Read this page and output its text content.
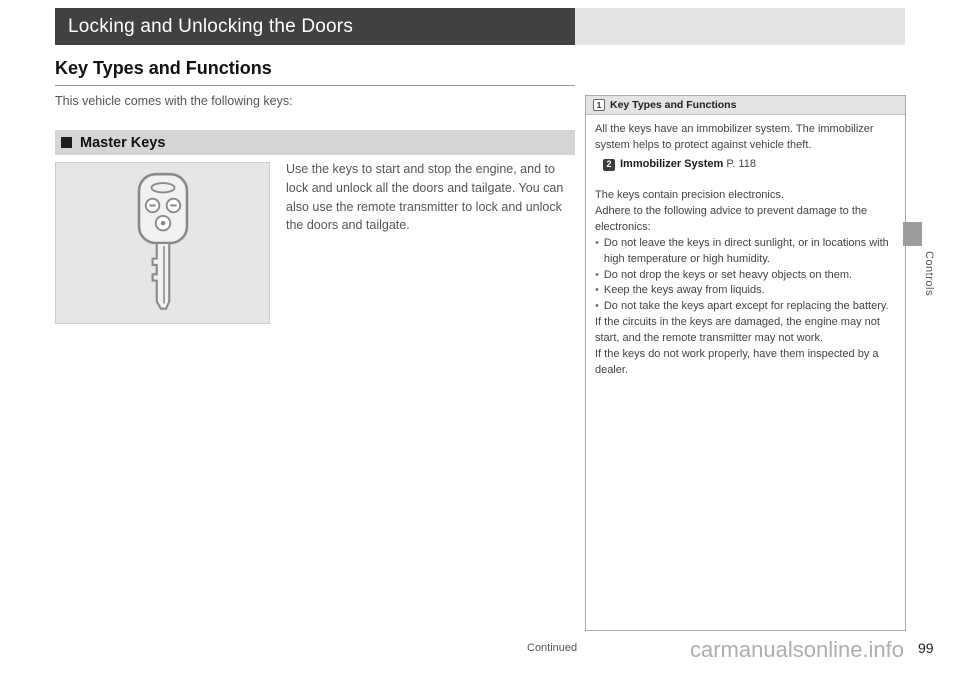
Locking and Unlocking the Doors
Key Types and Functions
This vehicle comes with the following keys:
Master Keys
Use the keys to start and stop the engine, and to lock and unlock all the doors and tailgate. You can also use the remote transmitter to lock and unlock the doors and tailgate.
1 Key Types and Functions
All the keys have an immobilizer system. The immobilizer system helps to protect against vehicle theft.
2 Immobilizer System P. 118
The keys contain precision electronics.
Adhere to the following advice to prevent damage to the electronics:
• Do not leave the keys in direct sunlight, or in locations with high temperature or high humidity.
• Do not drop the keys or set heavy objects on them.
• Keep the keys away from liquids.
• Do not take the keys apart except for replacing the battery.
If the circuits in the keys are damaged, the engine may not start, and the remote transmitter may not work.
If the keys do not work properly, have them inspected by a dealer.
Controls
Continued	99
carmanualsonline.info
